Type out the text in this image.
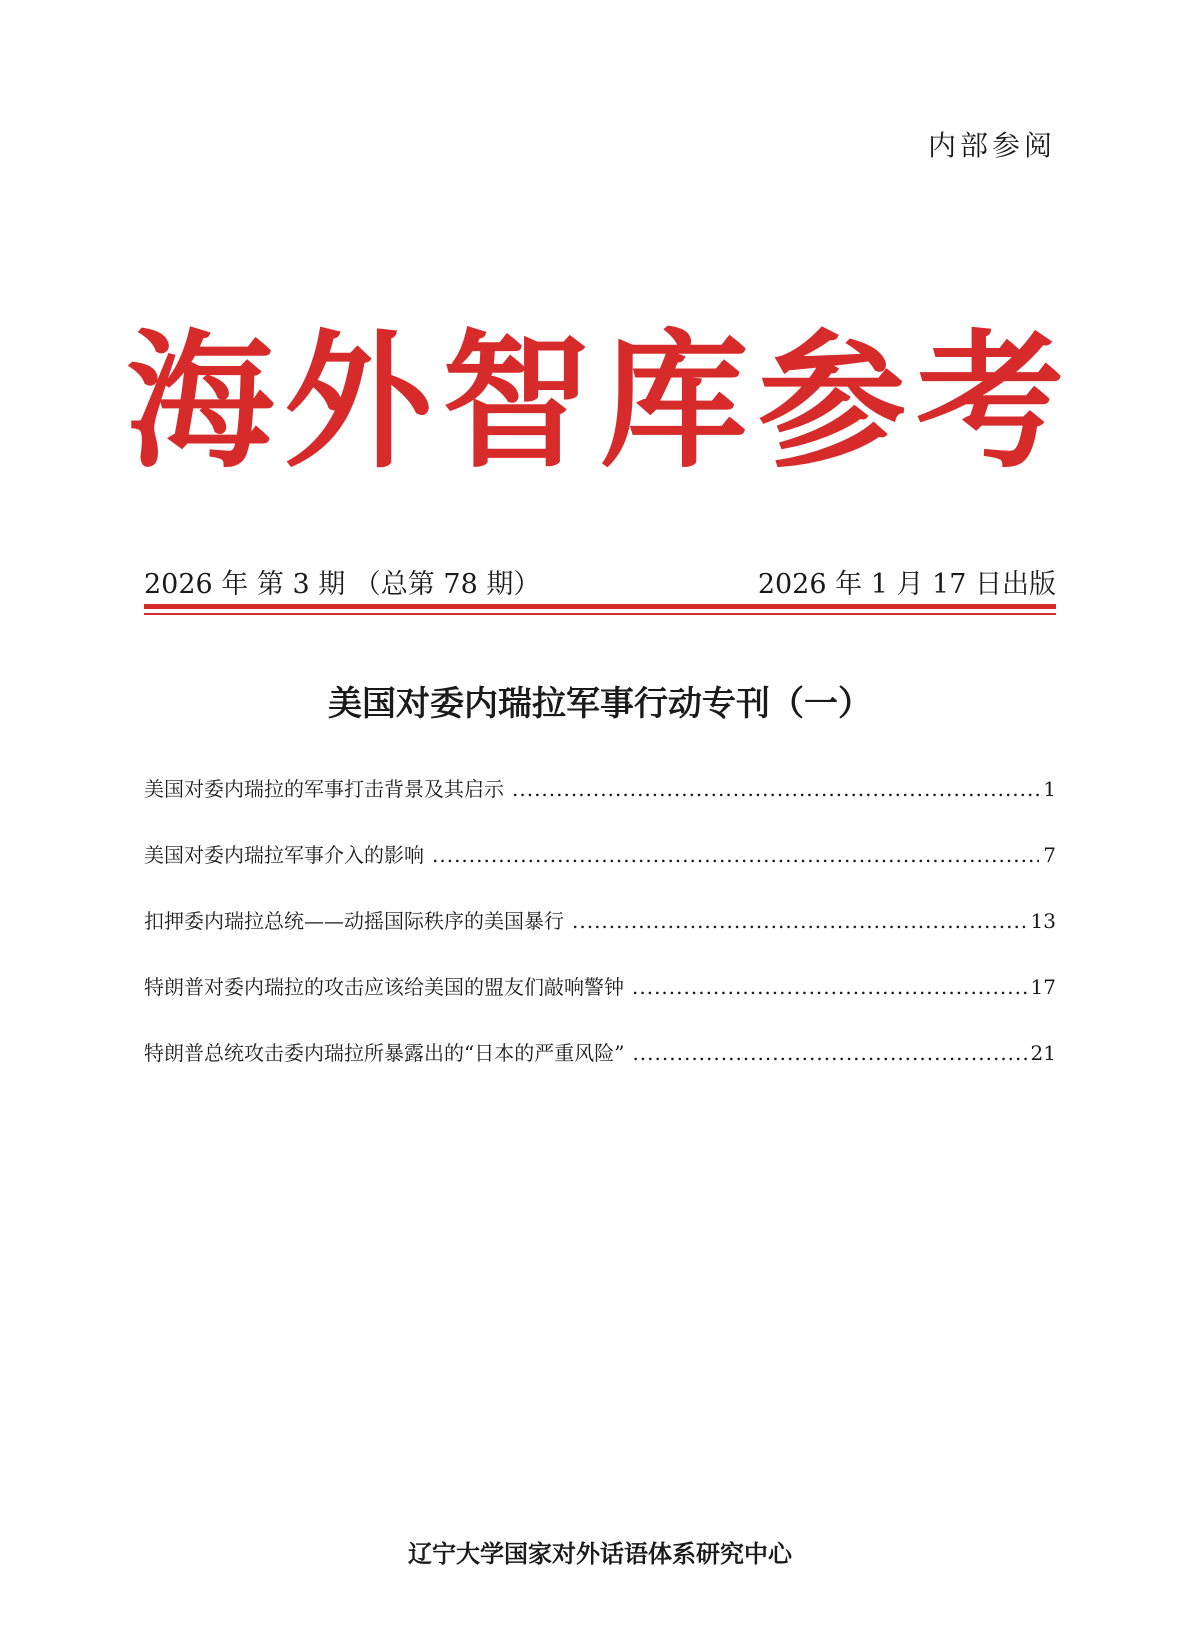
内部参阅
海外智库参考
2026 年 第 3 期 （总第 78 期）	2026 年 1 月 17 日出版
美国对委内瑞拉军事行动专刊（一）
美国对委内瑞拉的军事打击背景及其启示 .....	1
美国对委内瑞拉军事介入的影响 .....	7
扣押委内瑞拉总统——动摇国际秩序的美国暴行 .....	13
特朗普对委内瑞拉的攻击应该给美国的盟友们敲响警钟 .....	17
特朗普总统攻击委内瑞拉所暴露出的“日本的严重风险” .....	21
辽宁大学国家对外话语体系研究中心
